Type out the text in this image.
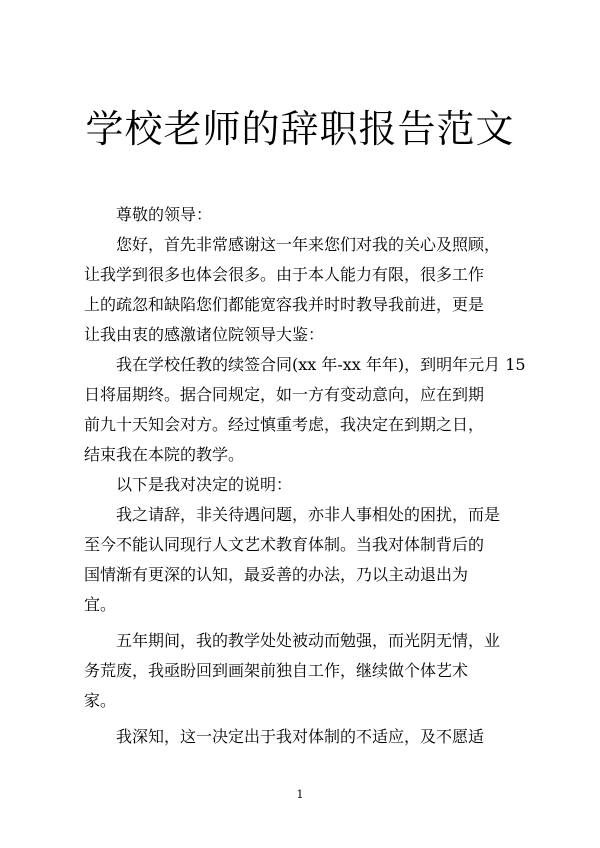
学校老师的辞职报告范文

尊敬的领导：

您好，首先非常感谢这一年来您们对我的关心及照顾，
让我学到很多也体会很多。由于本人能力有限，很多工作
上的疏忽和缺陷您们都能宽容我并时时教导我前进，更是
让我由衷的感激诸位院领导大鉴：

我在学校任教的续签合同(xx 年-xx 年年)，到明年元月 15
日将届期终。据合同规定，如一方有变动意向，应在到期
前九十天知会对方。经过慎重考虑，我决定在到期之日，
结束我在本院的教学。

以下是我对决定的说明：

我之请辞，非关待遇问题，亦非人事相处的困扰，而是
至今不能认同现行人文艺术教育体制。当我对体制背后的
国情渐有更深的认知，最妥善的办法，乃以主动退出为
宜。

五年期间，我的教学处处被动而勉强，而光阴无情，业
务荒废，我亟盼回到画架前独自工作，继续做个体艺术
家。

我深知，这一决定出于我对体制的不适应，及不愿适

1
